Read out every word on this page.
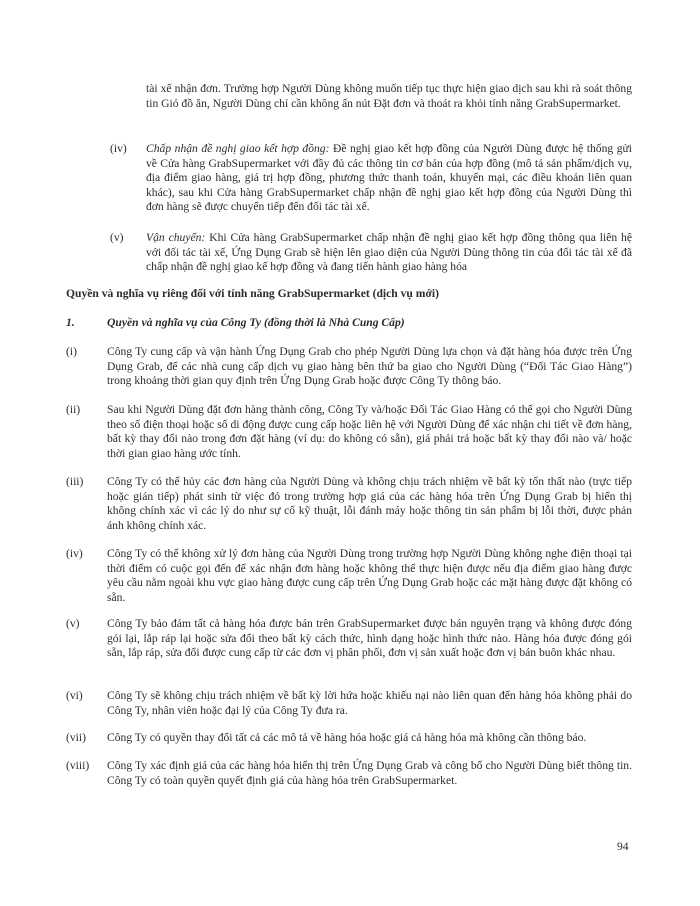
tài xế nhận đơn. Trường hợp Người Dùng không muốn tiếp tục thực hiện giao dịch sau khi rà soát thông tin Giỏ đồ ăn, Người Dùng chỉ cần không ấn nút Đặt đơn và thoát ra khỏi tính năng GrabSupermarket.

(iv) Chấp nhận đề nghị giao kết hợp đồng: Đề nghị giao kết hợp đồng của Người Dùng được hệ thống gửi về Cửa hàng GrabSupermarket với đầy đủ các thông tin cơ bản của hợp đồng (mô tả sản phẩm/dịch vụ, địa điểm giao hàng, giá trị hợp đồng, phương thức thanh toán, khuyến mại, các điều khoản liên quan khác), sau khi Cửa hàng GrabSupermarket chấp nhận đề nghị giao kết hợp đồng của Người Dùng thì đơn hàng sẽ được chuyển tiếp đến đối tác tài xế.

(v) Vận chuyển: Khi Cửa hàng GrabSupermarket chấp nhận đề nghị giao kết hợp đồng thông qua liên hệ với đối tác tài xế, Ứng Dụng Grab sẽ hiện lên giao diện của Người Dùng thông tin của đối tác tài xế đã chấp nhận đề nghị giao kế hợp đồng và đang tiến hành giao hàng hóa

Quyền và nghĩa vụ riêng đối với tính năng GrabSupermarket (dịch vụ mới)
1.	Quyền và nghĩa vụ của Công Ty (đồng thời là Nhà Cung Cấp)
(i)	Công Ty cung cấp và vận hành Ứng Dụng Grab cho phép Người Dùng lựa chọn và đặt hàng hóa được trên Ứng Dụng Grab, để các nhà cung cấp dịch vụ giao hàng bên thứ ba giao cho Người Dùng (“Đối Tác Giao Hàng”) trong khoảng thời gian quy định trên Ứng Dụng Grab hoặc được Công Ty thông báo.

(ii) Sau khi Người Dùng đặt đơn hàng thành công, Công Ty và/hoặc Đối Tác Giao Hàng có thể gọi cho Người Dùng theo số điện thoại hoặc số di động được cung cấp hoặc liên hệ với Người Dùng để xác nhận chi tiết về đơn hàng, bất kỳ thay đổi nào trong đơn đặt hàng (ví dụ: do không có sẵn), giá phải trả hoặc bất kỳ thay đổi nào và/ hoặc thời gian giao hàng ước tính.

(iii) Công Ty có thể hủy các đơn hàng của Người Dùng và không chịu trách nhiệm về bất kỳ tổn thất nào (trực tiếp hoặc gián tiếp) phát sinh từ việc đó trong trường hợp giá của các hàng hóa trên Ứng Dụng Grab bị hiển thị không chính xác vì các lý do như sự cố kỹ thuật, lỗi đánh máy hoặc thông tin sản phẩm bị lỗi thời, được phản ánh không chính xác.

(iv) Công Ty có thể không xử lý đơn hàng của Người Dùng trong trường hợp Người Dùng không nghe điện thoại tại thời điểm có cuộc gọi đến để xác nhận đơn hàng hoặc không thể thực hiện được nếu địa điểm giao hàng được yêu cầu nằm ngoài khu vực giao hàng được cung cấp trên Ứng Dụng Grab hoặc các mặt hàng được đặt không có sẵn.

(v) Công Ty bảo đảm tất cả hàng hóa được bán trên GrabSupermarket được bán nguyên trạng và không được đóng gói lại, lắp ráp lại hoặc sửa đổi theo bất kỳ cách thức, hình dạng hoặc hình thức nào. Hàng hóa được đóng gói sẵn, lắp ráp, sửa đổi được cung cấp từ các đơn vị phân phối, đơn vị sản xuất hoặc đơn vị bán buôn khác nhau.

(vi) Công Ty sẽ không chịu trách nhiệm về bất kỳ lời hứa hoặc khiếu nại nào liên quan đến hàng hóa không phải do Công Ty, nhân viên hoặc đại lý của Công Ty đưa ra.

(vii) Công Ty có quyền thay đổi tất cả các mô tả về hàng hóa hoặc giá cả hàng hóa mà không cần thông báo.

(viii) Công Ty xác định giá của các hàng hóa hiển thị trên Ứng Dụng Grab và công bố cho Người Dùng biết thông tin. Công Ty có toàn quyền quyết định giá của hàng hóa trên GrabSupermarket.

94
